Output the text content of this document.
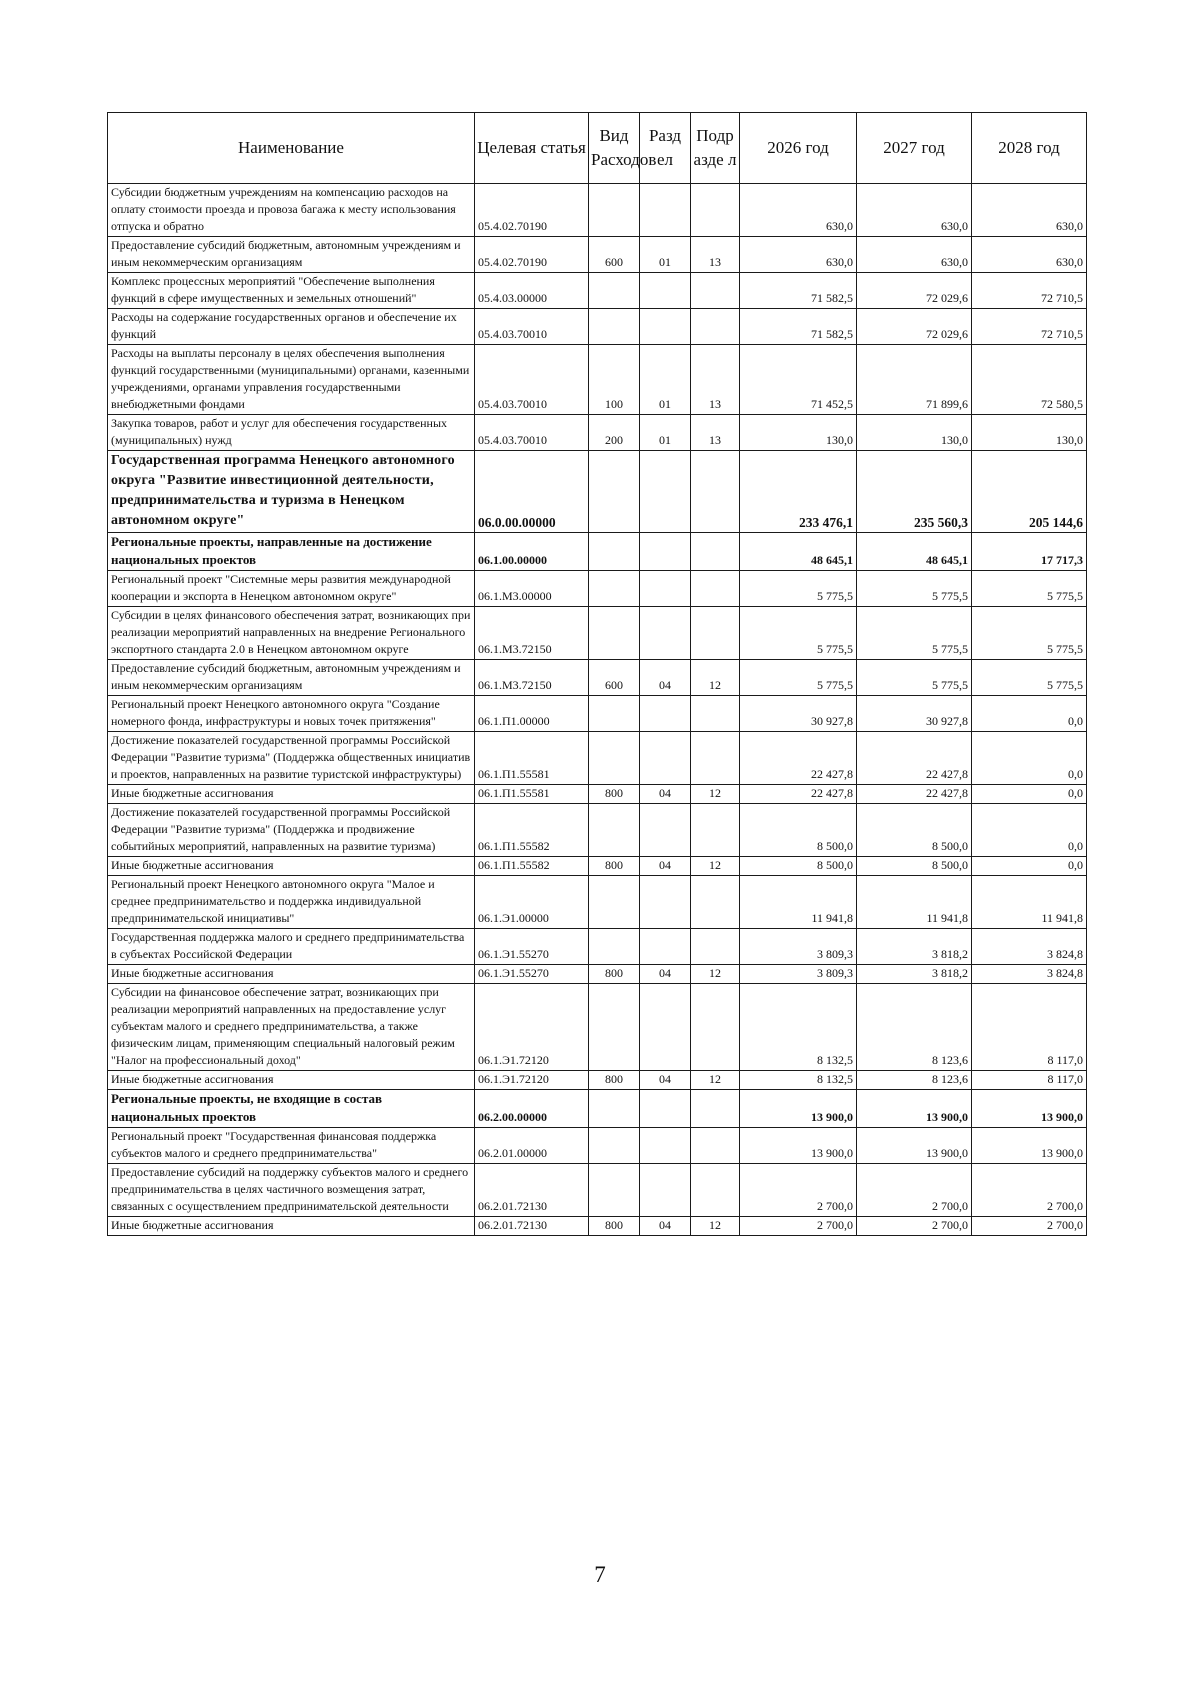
Наименование	Целевая статья	Вид Расходов	Разд ел	Подр азде л	2026 год	2027 год	2028 год
Субсидии бюджетным учреждениям на компенсацию расходов на оплату стоимости проезда и провоза багажа к месту использования отпуска и обратно	05.4.02.70190				630,0	630,0	630,0
Предоставление субсидий бюджетным, автономным учреждениям и иным некоммерческим организациям	05.4.02.70190	600	01	13	630,0	630,0	630,0
Комплекс процессных мероприятий "Обеспечение выполнения функций в сфере имущественных и земельных отношений"	05.4.03.00000				71 582,5	72 029,6	72 710,5
Расходы на содержание государственных органов и обеспечение их функций	05.4.03.70010				71 582,5	72 029,6	72 710,5
Расходы на выплаты персоналу в целях обеспечения выполнения функций государственными (муниципальными) органами, казенными учреждениями, органами управления государственными внебюджетными фондами	05.4.03.70010	100	01	13	71 452,5	71 899,6	72 580,5
Закупка товаров, работ и услуг для обеспечения государственных (муниципальных) нужд	05.4.03.70010	200	01	13	130,0	130,0	130,0
Государственная программа Ненецкого автономного округа "Развитие инвестиционной деятельности, предпринимательства и туризма в Ненецком автономном округе"	06.0.00.00000				233 476,1	235 560,3	205 144,6
Региональные проекты, направленные на достижение национальных проектов	06.1.00.00000				48 645,1	48 645,1	17 717,3
Региональный проект "Системные меры развития международной кооперации и экспорта в Ненецком автономном округе"	06.1.М3.00000				5 775,5	5 775,5	5 775,5
Субсидии в целях финансового обеспечения затрат, возникающих при реализации мероприятий направленных на внедрение Регионального экспортного стандарта 2.0 в Ненецком автономном округе	06.1.М3.72150				5 775,5	5 775,5	5 775,5
Предоставление субсидий бюджетным, автономным учреждениям и иным некоммерческим организациям	06.1.М3.72150	600	04	12	5 775,5	5 775,5	5 775,5
Региональный проект Ненецкого автономного округа "Создание номерного фонда, инфраструктуры и новых точек притяжения"	06.1.П1.00000				30 927,8	30 927,8	0,0
Достижение показателей государственной программы Российской Федерации "Развитие туризма" (Поддержка общественных инициатив и проектов, направленных на развитие туристской инфраструктуры)	06.1.П1.55581				22 427,8	22 427,8	0,0
Иные бюджетные ассигнования	06.1.П1.55581	800	04	12	22 427,8	22 427,8	0,0
Достижение показателей государственной программы Российской Федерации "Развитие туризма" (Поддержка и продвижение событийных мероприятий, направленных на развитие туризма)	06.1.П1.55582				8 500,0	8 500,0	0,0
Иные бюджетные ассигнования	06.1.П1.55582	800	04	12	8 500,0	8 500,0	0,0
Региональный проект Ненецкого автономного округа "Малое и среднее предпринимательство и поддержка индивидуальной предпринимательской инициативы"	06.1.Э1.00000				11 941,8	11 941,8	11 941,8
Государственная поддержка малого и среднего предпринимательства в субъектах Российской Федерации	06.1.Э1.55270				3 809,3	3 818,2	3 824,8
Иные бюджетные ассигнования	06.1.Э1.55270	800	04	12	3 809,3	3 818,2	3 824,8
Субсидии на финансовое обеспечение затрат, возникающих при реализации мероприятий направленных на предоставление услуг субъектам малого и среднего предпринимательства, а также физическим лицам, применяющим специальный налоговый режим "Налог на профессиональный доход"	06.1.Э1.72120				8 132,5	8 123,6	8 117,0
Иные бюджетные ассигнования	06.1.Э1.72120	800	04	12	8 132,5	8 123,6	8 117,0
Региональные проекты, не входящие в состав национальных проектов	06.2.00.00000				13 900,0	13 900,0	13 900,0
Региональный проект "Государственная финансовая поддержка субъектов малого и среднего предпринимательства"	06.2.01.00000				13 900,0	13 900,0	13 900,0
Предоставление субсидий на поддержку субъектов малого и среднего предпринимательства в целях частичного возмещения затрат, связанных с осуществлением предпринимательской деятельности	06.2.01.72130				2 700,0	2 700,0	2 700,0
Иные бюджетные ассигнования	06.2.01.72130	800	04	12	2 700,0	2 700,0	2 700,0
7
